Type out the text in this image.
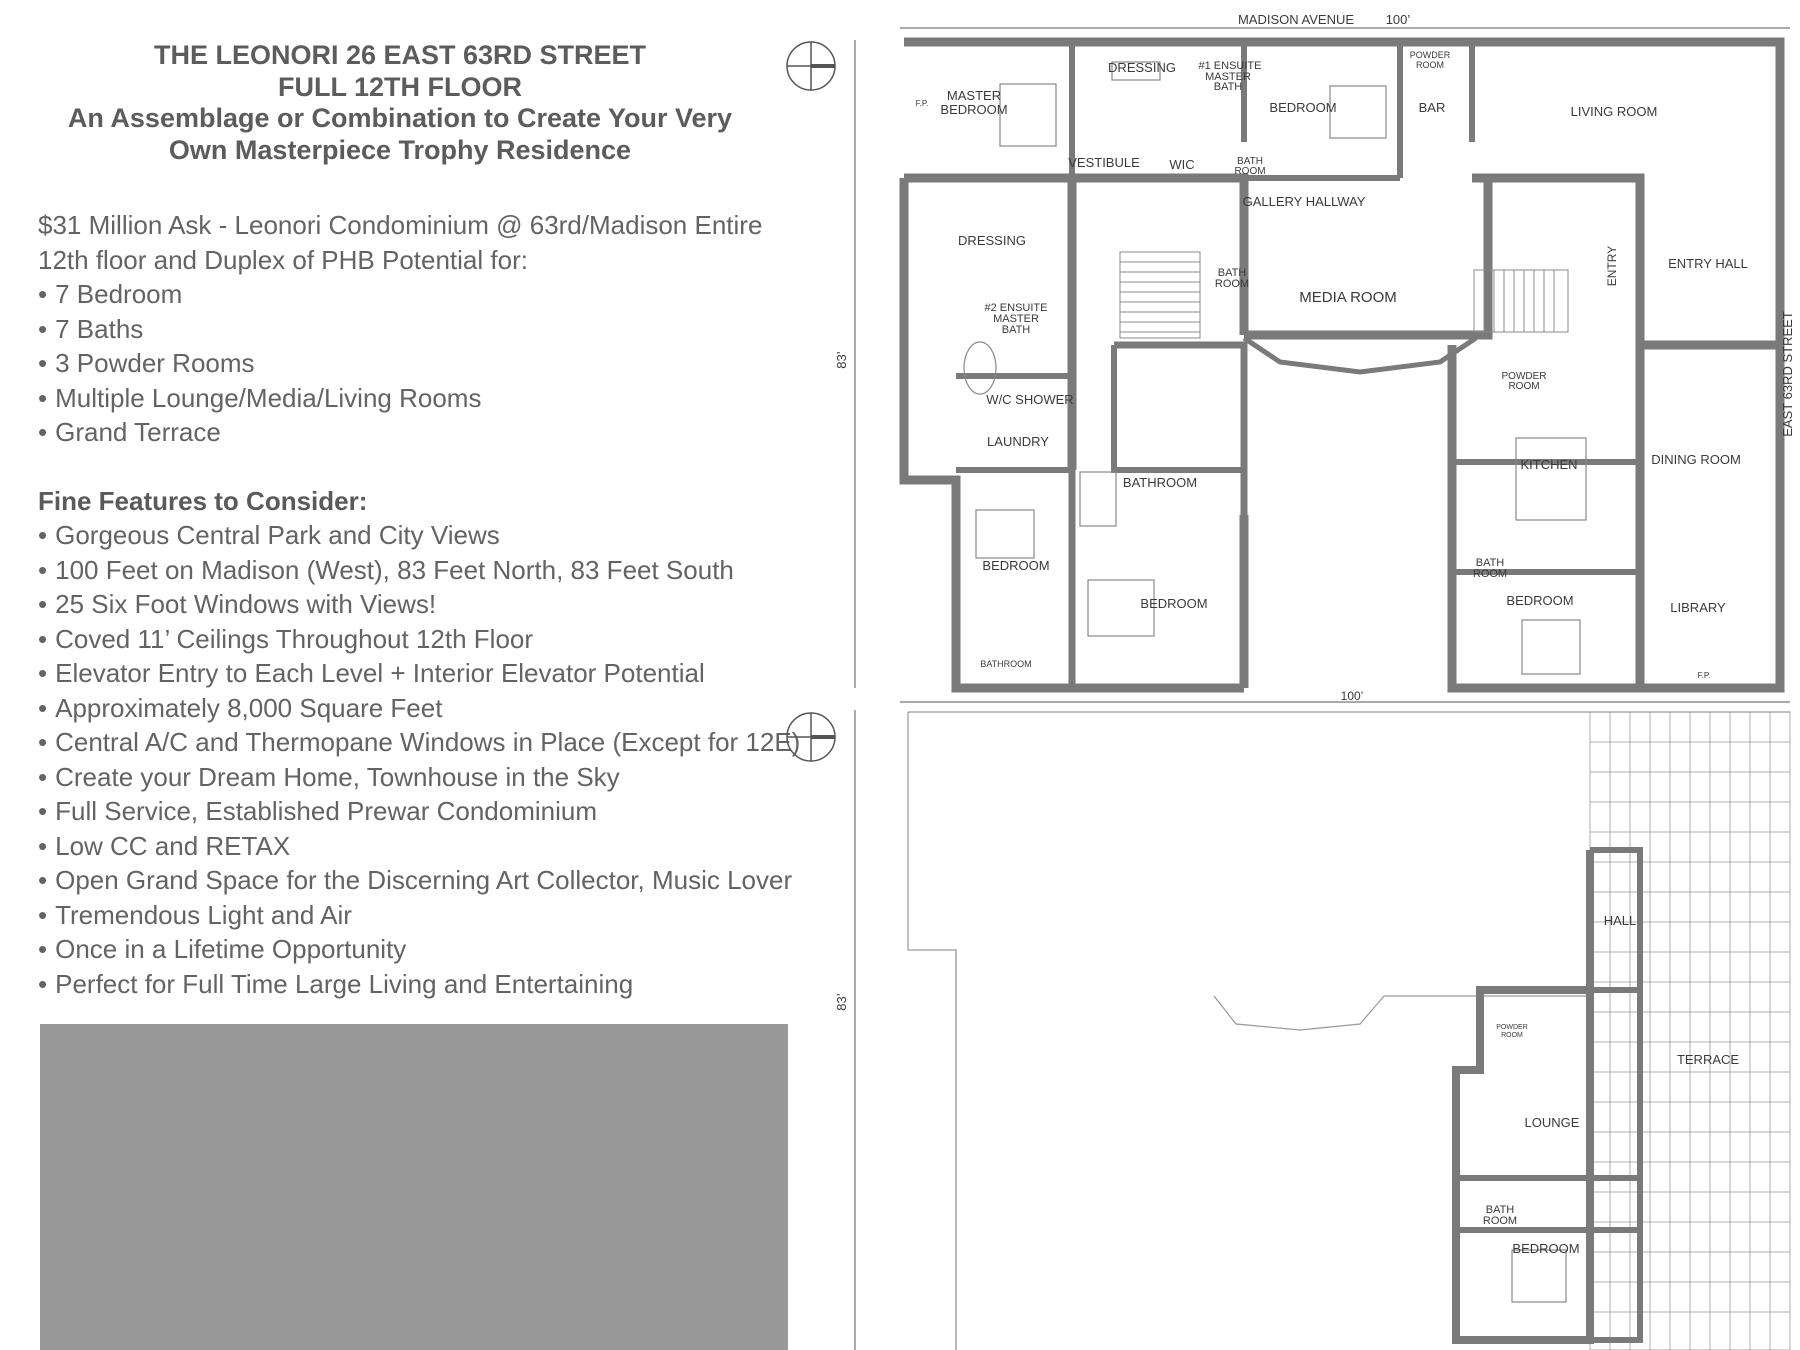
THE LEONORI 26 EAST 63RD STREET
FULL 12TH FLOOR
An Assemblage or Combination to Create Your Very
Own Masterpiece Trophy Residence
$31 Million Ask - Leonori Condominium @ 63rd/Madison Entire
12th floor and Duplex of PHB Potential for:
• 7 Bedroom
• 7 Baths
• 3 Powder Rooms
• Multiple Lounge/Media/Living Rooms
• Grand Terrace
Fine Features to Consider:
• Gorgeous Central Park and City Views
• 100 Feet on Madison (West), 83 Feet North, 83 Feet South
• 25 Six Foot Windows with Views!
• Coved 11’ Ceilings Throughout 12th Floor
• Elevator Entry to Each Level + Interior Elevator Potential
• Approximately 8,000 Square Feet
• Central A/C and Thermopane Windows in Place (Except for 12E)
• Create your Dream Home, Townhouse in the Sky
• Full Service, Established Prewar Condominium
• Low CC and RETAX
• Open Grand Space for the Discerning Art Collector, Music Lover
• Tremendous Light and Air
• Once in a Lifetime Opportunity
• Perfect for Full Time Large Living and Entertaining
MASTER
BEDROOM
F.P.
DRESSING #1 ENSUITE
MASTER
BATH
BEDROOM
POWDER
ROOM
BAR	LIVING ROOM
VESTIBULE WIC	BATH
ROOM
GALLERY HALLWAY
DRESSING
BATH
ROOM
MEDIA ROOM
ENTRY	ENTRY HALL
#2 ENSUITE
MASTER
BATH
W/C SHOWER
POWDER
ROOM
LAUNDRY
KITCHEN	DINING ROOM
BATHROOM
BEDROOM
BEDROOM
BATH
ROOM
BEDROOM	LIBRARY
F.P.
BATHROOM
HALL
TERRACE
POWDER
ROOM
LOUNGE
BATH
ROOM
BEDROOM
MADISON AVENUE 100’
100’
83’
83’
EAST 63RD STREET
